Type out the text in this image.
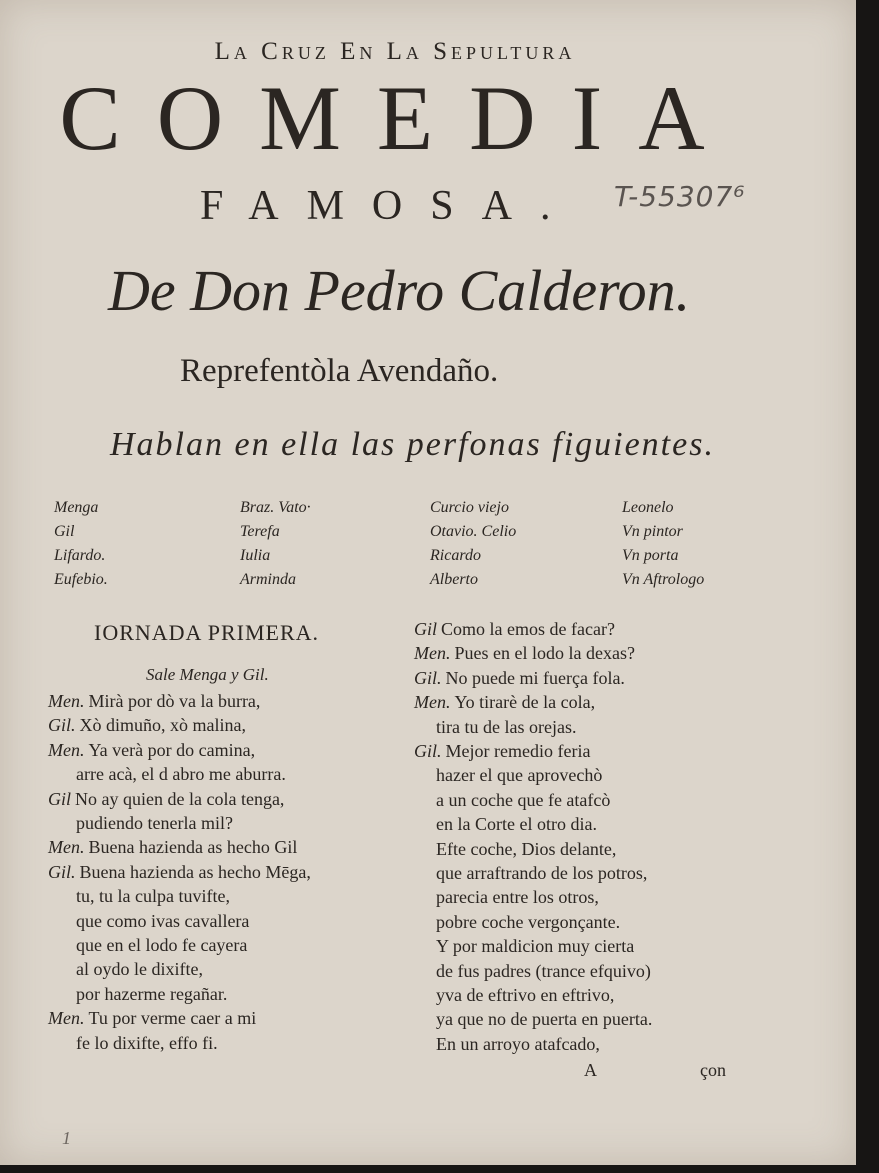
La Cruz En La Sepultura
COMEDIA
FAMOSA. T-55307⁶
De Don Pedro Calderon.
Reprefentòla Avendaño.
Hablan en ella las perfonas figuientes.
Menga
Gil
Lifardo.
Eufebio.
Braz. Vato·
Terefa
Iulia
Arminda
Curcio viejo
Otavio. Celio
Ricardo
Alberto
Leonelo
Vn pintor
Vn porta
Vn Aftrologo
IORNADA PRIMERA.
Sale Menga y Gil.
Men. Mirà por dò va la burra,
Gil. Xò dimuño, xò malina,
Men. Ya verà por do camina,
arre acà, el d abro me aburra.
Gil No ay quien de la cola tenga,
pudiendo tenerla mil?
Men. Buena hazienda as hecho Gil
Gil. Buena hazienda as hecho Mēga,
tu, tu la culpa tuvifte,
que como ivas cavallera
que en el lodo fe cayera
al oydo le dixifte,
por hazerme regañar.
Men. Tu por verme caer a mi
fe lo dixifte, effo fi.
Gil Como la emos de facar?
Men. Pues en el lodo la dexas?
Gil. No puede mi fuerça fola.
Men. Yo tirarè de la cola,
tira tu de las orejas.
Gil. Mejor remedio feria
hazer el que aprovechò
a un coche que fe atafcò
en la Corte el otro dia.
Efte coche, Dios delante,
que arraftrando de los potros,
parecia entre los otros,
pobre coche vergonçante.
Y por maldicion muy cierta
de fus padres (trance efquivo)
yva de eftrivo en eftrivo,
ya que no de puerta en puerta.
En un arroyo atafcado,
A	çon
1
